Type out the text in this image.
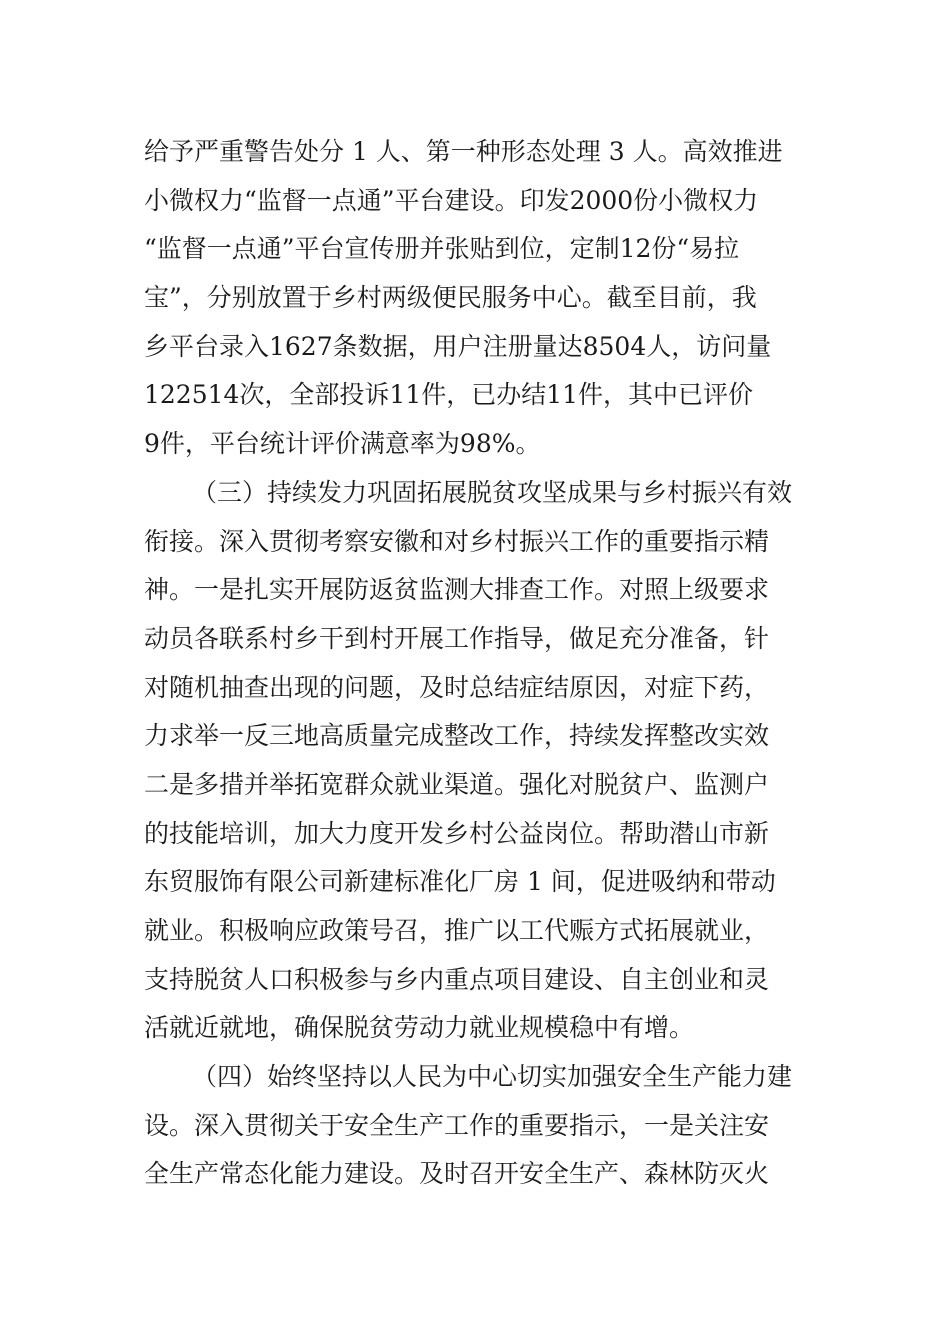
给予严重警告处分 1 人、第一种形态处理 3 人。高效推进
小微权力“监督一点通”平台建设。印发2000份小微权力
“监督一点通”平台宣传册并张贴到位，定制12份“易拉
宝”，分别放置于乡村两级便民服务中心。截至目前，我
乡平台录入1627条数据，用户注册量达8504人，访问量
122514次，全部投诉11件，已办结11件，其中已评价
9件，平台统计评价满意率为98%。
（三）持续发力巩固拓展脱贫攻坚成果与乡村振兴有效
衔接。深入贯彻考察安徽和对乡村振兴工作的重要指示精
神。一是扎实开展防返贫监测大排查工作。对照上级要求
动员各联系村乡干到村开展工作指导，做足充分准备，针
对随机抽查出现的问题，及时总结症结原因，对症下药，
力求举一反三地高质量完成整改工作，持续发挥整改实效
二是多措并举拓宽群众就业渠道。强化对脱贫户、监测户
的技能培训，加大力度开发乡村公益岗位。帮助潜山市新
东贸服饰有限公司新建标准化厂房 1 间，促进吸纳和带动
就业。积极响应政策号召，推广以工代赈方式拓展就业，
支持脱贫人口积极参与乡内重点项目建设、自主创业和灵
活就近就地，确保脱贫劳动力就业规模稳中有增。
（四）始终坚持以人民为中心切实加强安全生产能力建
设。深入贯彻关于安全生产工作的重要指示，一是关注安
全生产常态化能力建设。及时召开安全生产、森林防灭火
